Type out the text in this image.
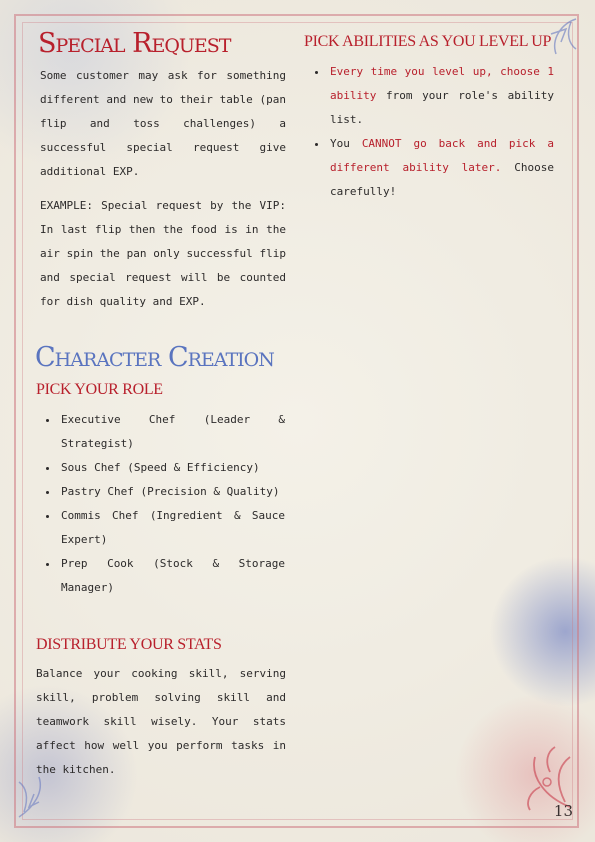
Special Request

Some customer may ask for something different and new to their table (pan flip and toss challenges) a successful special request give additional EXP.

EXAMPLE: Special request by the VIP: In last flip then the food is in the air spin the pan only successful flip and special request will be counted for dish quality and EXP.

Character Creation
PICK YOUR ROLE
• Executive Chef (Leader & Strategist)
• Sous Chef (Speed & Efficiency)
• Pastry Chef (Precision & Quality)
• Commis Chef (Ingredient & Sauce Expert)
• Prep Cook (Stock & Storage Manager)
DISTRIBUTE YOUR STATS

Balance your cooking skill, serving skill, problem solving skill and teamwork skill wisely. Your stats affect how well you perform tasks in the kitchen.

PICK ABILITIES AS YOU LEVEL UP
• Every time you level up, choose 1 ability from your role's ability list.
• You CANNOT go back and pick a different ability later. Choose carefully!
13
